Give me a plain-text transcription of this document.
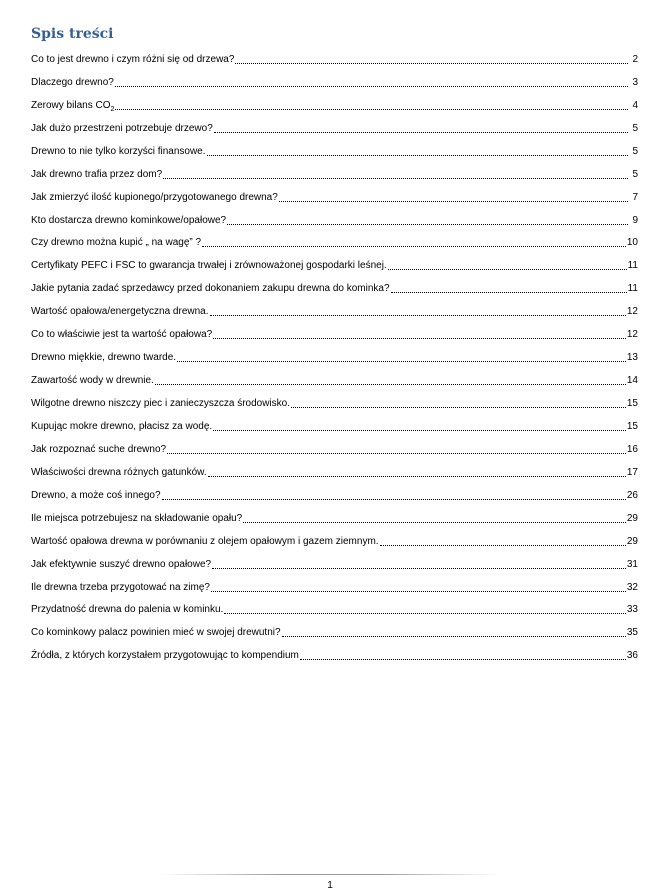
Spis treści
Co to jest drewno i czym różni się od drzewa?	2
Dlaczego drewno?	3
Zerowy bilans $CO_2$	4
Jak dużo przestrzeni potrzebuje drzewo?	5
Drewno to nie tylko korzyści finansowe.	5
Jak drewno trafia przez dom?	5
Jak zmierzyć ilość kupionego/przygotowanego drewna?	7
Kto dostarcza drewno kominkowe/opałowe?	9
Czy drewno można kupić „ na wagę” ?	10
Certyfikaty PEFC i FSC to gwarancja trwałej i zrównoważonej gospodarki leśnej.	11
Jakie pytania zadać sprzedawcy przed dokonaniem zakupu drewna do kominka?	11
Wartość opałowa/energetyczna drewna.	12
Co to właściwie jest ta wartość opałowa?	12
Drewno miękkie, drewno twarde.	13
Zawartość wody w drewnie.	14
Wilgotne drewno niszczy piec i zanieczyszcza środowisko.	15
Kupując mokre drewno, płacisz za wodę.	15
Jak rozpoznać suche drewno?	16
Właściwości drewna różnych gatunków.	17
Drewno, a może coś innego?	26
Ile miejsca potrzebujesz na składowanie opału?	29
Wartość opałowa drewna w porównaniu z olejem opałowym i gazem ziemnym.	29
Jak efektywnie suszyć drewno opałowe?	31
Ile drewna trzeba przygotować na zimę?	32
Przydatność drewna do palenia w kominku.	33
Co kominkowy palacz powinien mieć w swojej drewutni?	35
Źródła, z których korzystałem przygotowując to kompendium	36
1
